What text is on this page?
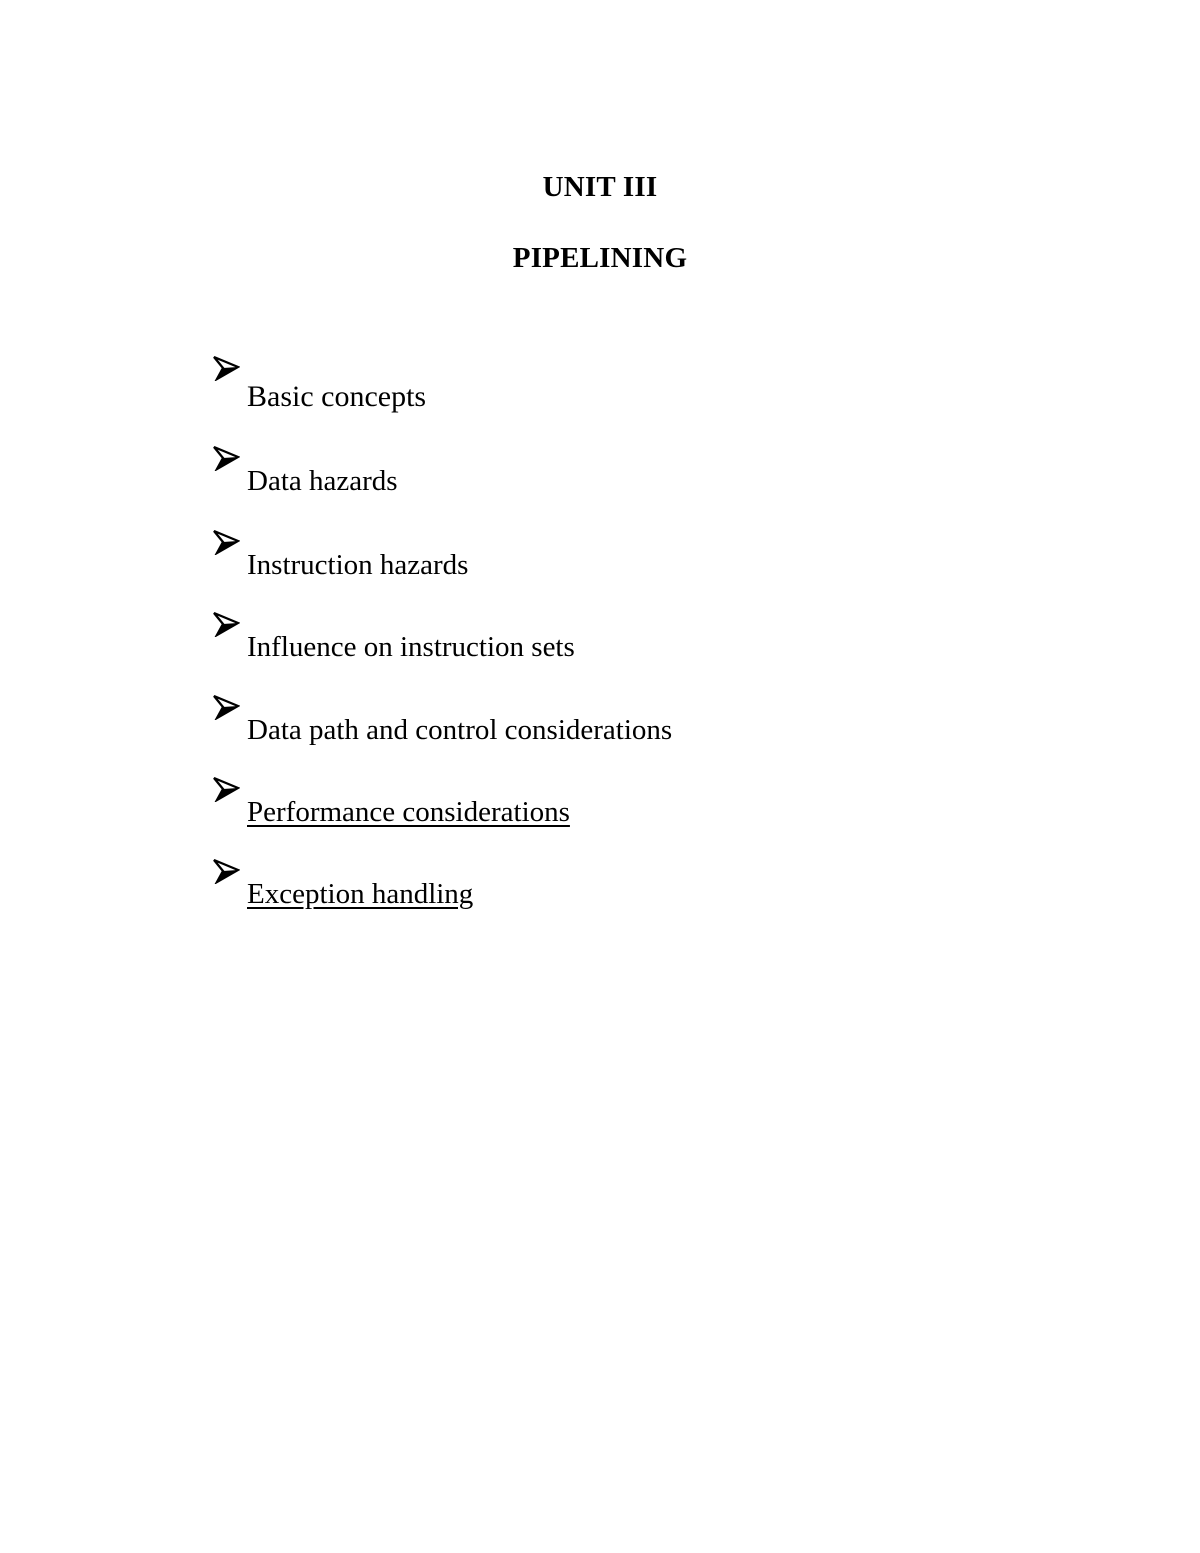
UNIT III
PIPELINING
Basic concepts
Data hazards
Instruction hazards
Influence on instruction sets
Data path and control considerations
Performance considerations
Exception handling
